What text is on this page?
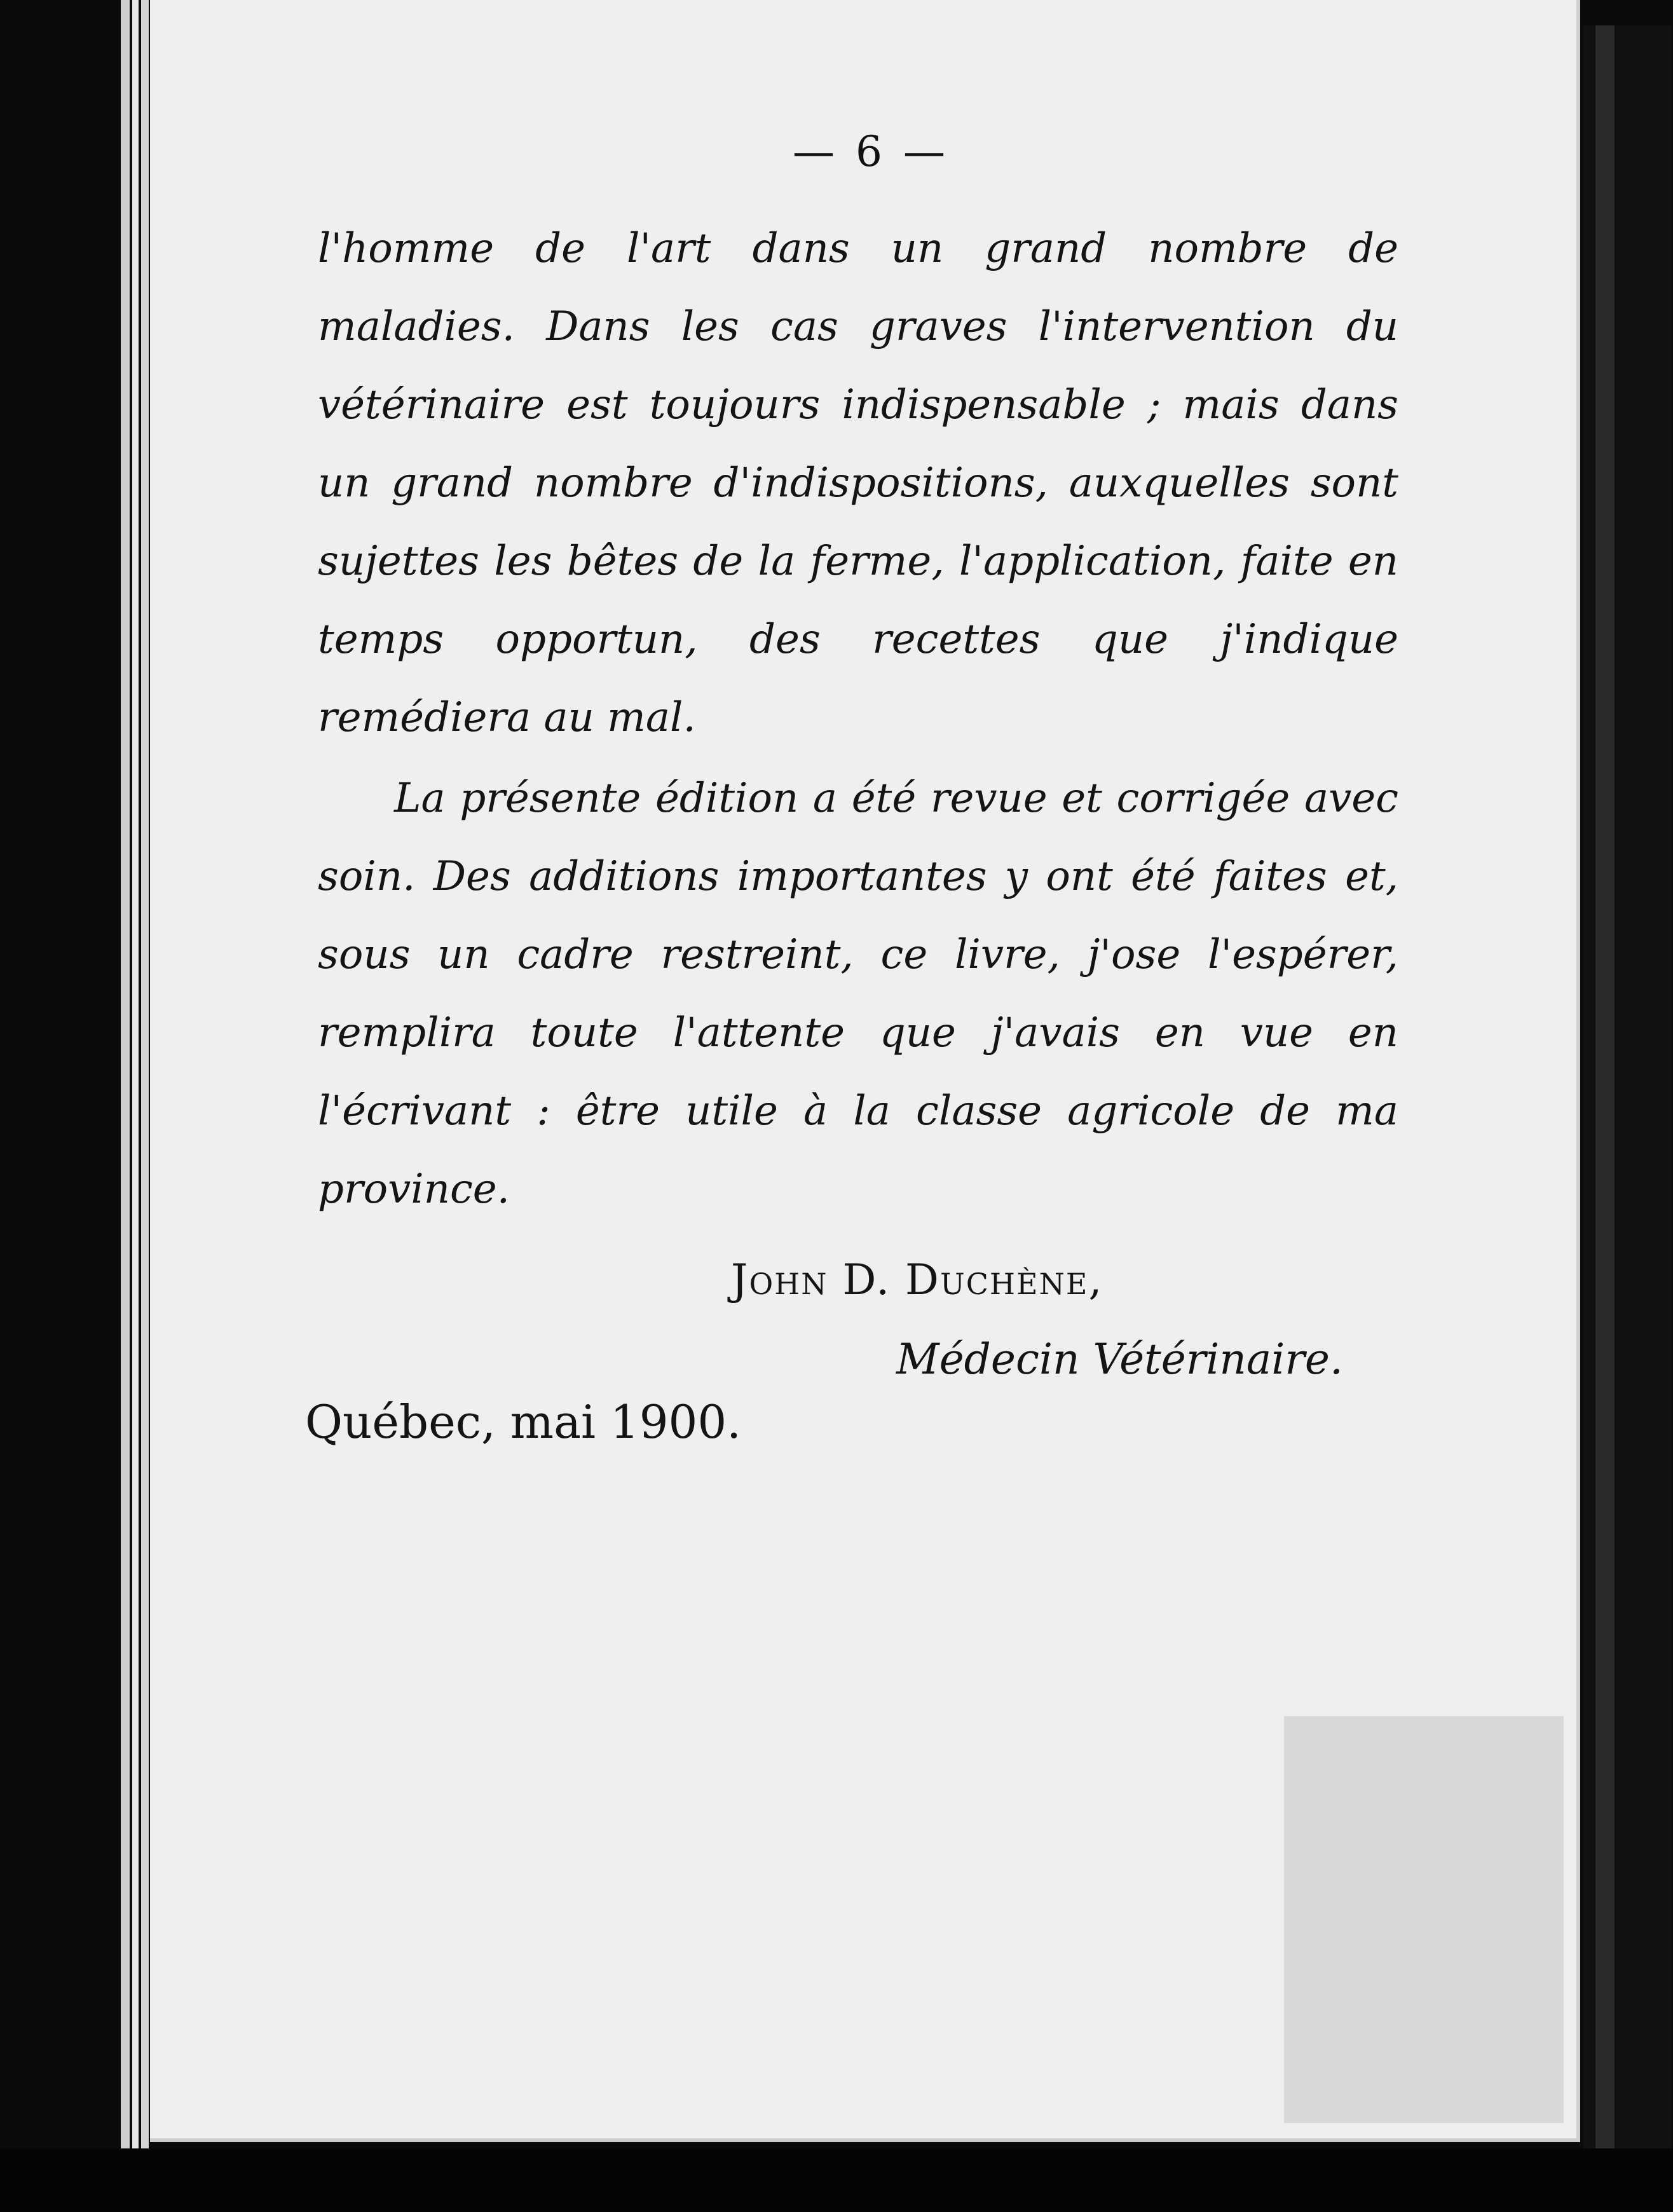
— 6 —
l'homme de l'art dans un grand nombre de maladies. Dans les cas graves l'intervention du vétérinaire est toujours indispensable ; mais dans un grand nombre d'indispositions, auxquelles sont sujettes les bêtes de la ferme, l'application, faite en temps opportun, des recettes que j'indique remédiera au mal.
La présente édition a été revue et corrigée avec soin. Des additions importantes y ont été faites et, sous un cadre restreint, ce livre, j'ose l'espérer, remplira toute l'attente que j'avais en vue en l'écrivant : être utile à la classe agricole de ma province.
John D. Duchène,
Médecin Vétérinaire.
Québec, mai 1900.
